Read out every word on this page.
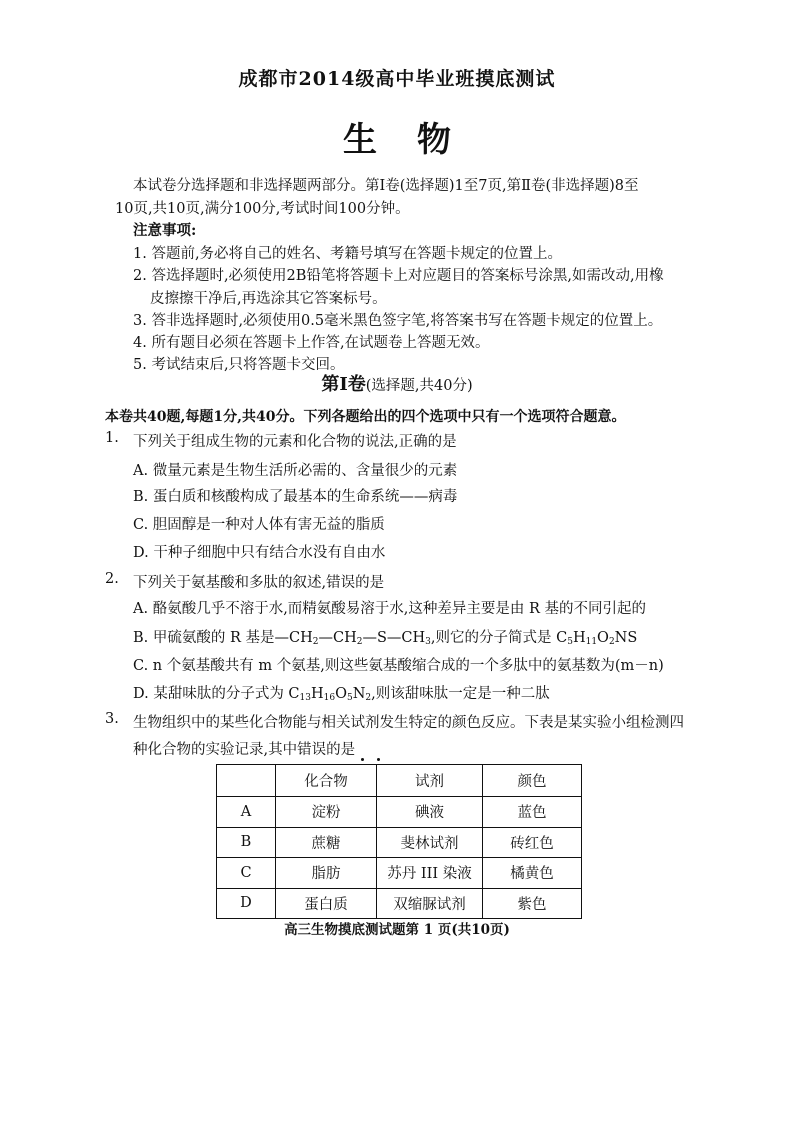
成都市2014级高中毕业班摸底测试
生物
本试卷分选择题和非选择题两部分。第Ⅰ卷(选择题)1至7页,第Ⅱ卷(非选择题)8至
10页,共10页,满分100分,考试时间100分钟。
注意事项:
1. 答题前,务必将自己的姓名、考籍号填写在答题卡规定的位置上。
2. 答选择题时,必须使用2B铅笔将答题卡上对应题目的答案标号涂黑,如需改动,用橡
皮擦擦干净后,再选涂其它答案标号。
3. 答非选择题时,必须使用0.5毫米黑色签字笔,将答案书写在答题卡规定的位置上。
4. 所有题目必须在答题卡上作答,在试题卷上答题无效。
5. 考试结束后,只将答题卡交回。
第Ⅰ卷(选择题,共40分)
本卷共40题,每题1分,共40分。下列各题给出的四个选项中只有一个选项符合题意。
1. 下列关于组成生物的元素和化合物的说法,正确的是
A. 微量元素是生物生活所必需的、含量很少的元素
B. 蛋白质和核酸构成了最基本的生命系统——病毒
C. 胆固醇是一种对人体有害无益的脂质
D. 干种子细胞中只有结合水没有自由水
2. 下列关于氨基酸和多肽的叙述,错误的是
A. 酪氨酸几乎不溶于水,而精氨酸易溶于水,这种差异主要是由 R 基的不同引起的
B. 甲硫氨酸的 R 基是$—CH_2—CH_2—S—CH_3$,则它的分子简式是 $C_5H_{11}O_2NS$
C. n 个氨基酸共有 m 个氨基,则这些氨基酸缩合成的一个多肽中的氨基数为(m－n)
D. 某甜味肽的分子式为 $C_{13}H_{16}O_5N_2$,则该甜味肽一定是一种二肽
3. 生物组织中的某些化合物能与相关试剂发生特定的颜色反应。下表是某实验小组检测四
种化合物的实验记录,其中错误的是
	化合物	试剂	颜色
A	淀粉	碘液	蓝色
B	蔗糖	斐林试剂	砖红色
C	脂肪	苏丹 III 染液	橘黄色
D	蛋白质	双缩脲试剂	紫色
高三生物摸底测试题第 1 页(共10页)
